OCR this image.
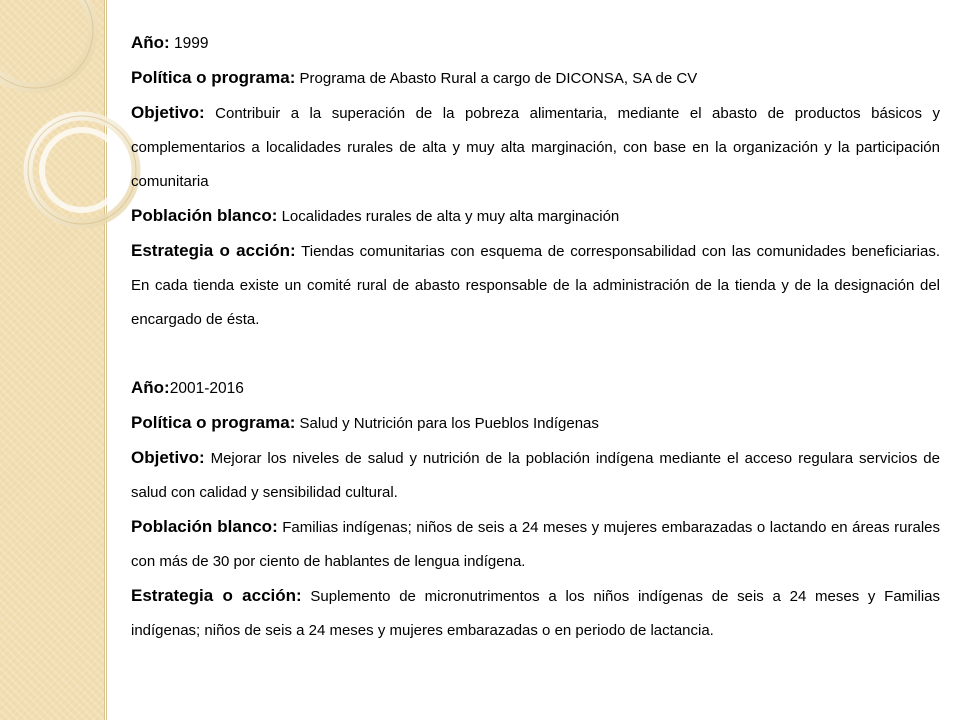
Año: 1999

Política o programa: Programa de Abasto Rural a cargo de DICONSA, SA de CV

Objetivo: Contribuir a la superación de la pobreza alimentaria, mediante el abasto de productos básicos y complementarios a localidades rurales de alta y muy alta marginación, con base en la organización y la participación comunitaria

Población blanco: Localidades rurales de alta y muy alta marginación

Estrategia o acción: Tiendas comunitarias con esquema de corresponsabilidad con las comunidades beneficiarias. En cada tienda existe un comité rural de abasto responsable de la administración de la tienda y de la designación del encargado de ésta.

Año:2001-2016

Política o programa: Salud y Nutrición para los Pueblos Indígenas

Objetivo: Mejorar los niveles de salud y nutrición de la población indígena mediante el acceso regulara servicios de salud con calidad y sensibilidad cultural.

Población blanco: Familias indígenas; niños de seis a 24 meses y mujeres embarazadas o lactando en áreas rurales con más de 30 por ciento de hablantes de lengua indígena.

Estrategia o acción: Suplemento de micronutrimentos a los niños indígenas de seis a 24 meses y Familias indígenas; niños de seis a 24 meses y mujeres embarazadas o en periodo de lactancia.
